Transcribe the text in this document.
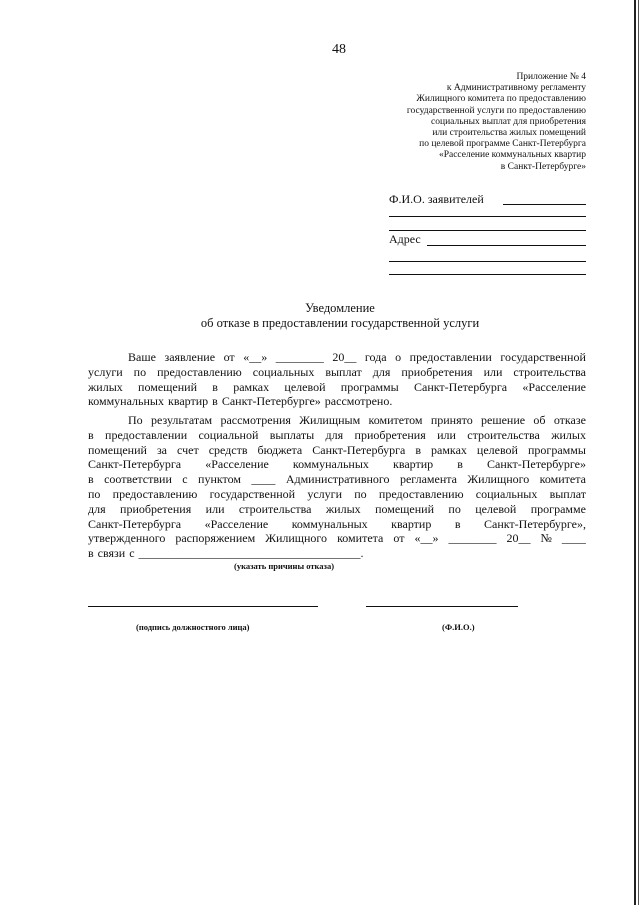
48
Приложение № 4
к Административному регламенту
Жилищного комитета по предоставлению
государственной услуги по предоставлению
социальных выплат для приобретения
или строительства жилых помещений
по целевой программе Санкт-Петербурга
«Расселение коммунальных квартир
в Санкт-Петербурге»
Ф.И.О. заявителей
Адрес
Уведомление
об отказе в предоставлении государственной услуги
Ваше заявление от «__» ________ 20__ года о предоставлении государственной
услуги по предоставлению социальных выплат для приобретения или строительства
жилых помещений в рамках целевой программы Санкт-Петербурга «Расселение
коммунальных квартир в Санкт-Петербурге» рассмотрено.
По результатам рассмотрения Жилищным комитетом принято решение об отказе
в предоставлении социальной выплаты для приобретения или строительства жилых
помещений за счет средств бюджета Санкт-Петербурга в рамках целевой программы
Санкт-Петербурга «Расселение коммунальных квартир в Санкт-Петербурге»
в соответствии с пунктом ____ Административного регламента Жилищного комитета
по предоставлению государственной услуги по предоставлению социальных выплат
для приобретения или строительства жилых помещений по целевой программе
Санкт-Петербурга «Расселение коммунальных квартир в Санкт-Петербурге»,
утвержденного распоряжением Жилищного комитета от «__» ________ 20__ № ____
в связи с _____________________________________.
(указать причины отказа)
(подпись должностного лица)	(Ф.И.О.)
